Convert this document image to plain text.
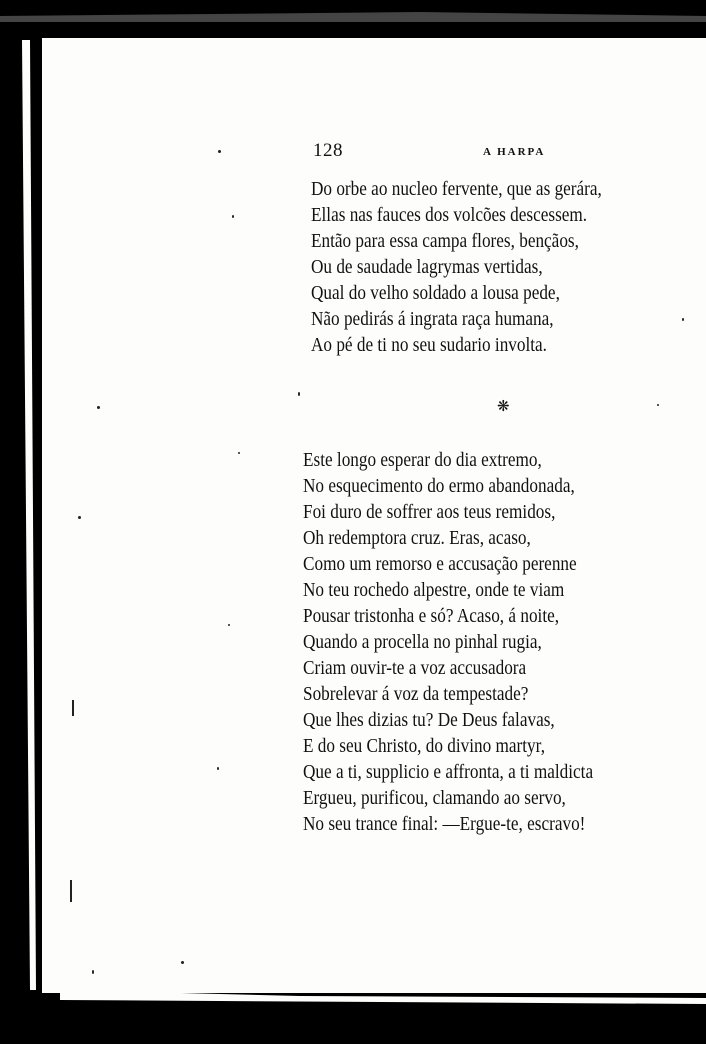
128	A HARPA
Do orbe ao nucleo fervente, que as gerára,
Ellas nas fauces dos volcões descessem.
Então para essa campa flores, bençãos,
Ou de saudade lagrymas vertidas,
Qual do velho soldado a lousa pede,
Não pedirás á ingrata raça humana,
Ao pé de ti no seu sudario involta.
❋
Este longo esperar do dia extremo,
No esquecimento do ermo abandonada,
Foi duro de soffrer aos teus remidos,
Oh redemptora cruz. Eras, acaso,
Como um remorso e accusação perenne
No teu rochedo alpestre, onde te viam
Pousar tristonha e só? Acaso, á noite,
Quando a procella no pinhal rugia,
Criam ouvir-te a voz accusadora
Sobrelevar á voz da tempestade?
Que lhes dizias tu? De Deus falavas,
E do seu Christo, do divino martyr,
Que a ti, supplicio e affronta, a ti maldicta
Ergueu, purificou, clamando ao servo,
No seu trance final: —Ergue-te, escravo!
